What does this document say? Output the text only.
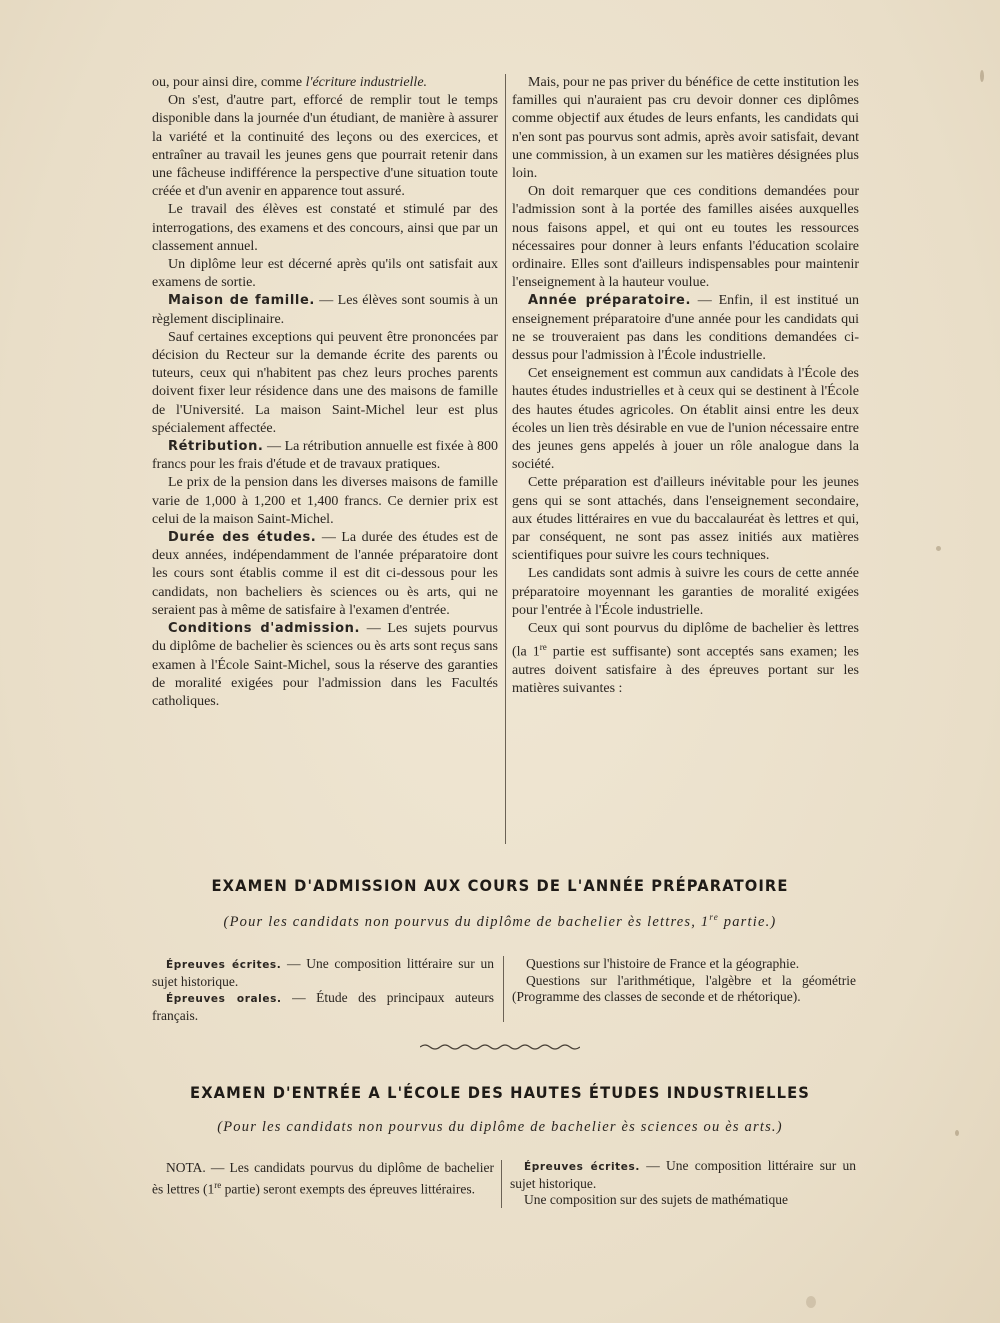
ou, pour ainsi dire, comme l'écriture industrielle.

On s'est, d'autre part, efforcé de remplir tout le temps disponible dans la journée d'un étudiant, de manière à assurer la variété et la continuité des leçons ou des exercices, et entraîner au travail les jeunes gens que pourrait retenir dans une fâcheuse indifférence la perspective d'une situation toute créée et d'un avenir en apparence tout assuré.

Le travail des élèves est constaté et stimulé par des interrogations, des examens et des concours, ainsi que par un classement annuel.

Un diplôme leur est décerné après qu'ils ont satisfait aux examens de sortie.

Maison de famille. — Les élèves sont soumis à un règlement disciplinaire.

Sauf certaines exceptions qui peuvent être prononcées par décision du Recteur sur la demande écrite des parents ou tuteurs, ceux qui n'habitent pas chez leurs proches parents doivent fixer leur résidence dans une des maisons de famille de l'Université. La maison Saint-Michel leur est plus spécialement affectée.

Rétribution. — La rétribution annuelle est fixée à 800 francs pour les frais d'étude et de travaux pratiques.

Le prix de la pension dans les diverses maisons de famille varie de 1,000 à 1,200 et 1,400 francs. Ce dernier prix est celui de la maison Saint-Michel.

Durée des études. — La durée des études est de deux années, indépendamment de l'année préparatoire dont les cours sont établis comme il est dit ci-dessous pour les candidats, non bacheliers ès sciences ou ès arts, qui ne seraient pas à même de satisfaire à l'examen d'entrée.

Conditions d'admission. — Les sujets pourvus du diplôme de bachelier ès sciences ou ès arts sont reçus sans examen à l'École Saint-Michel, sous la réserve des garanties de moralité exigées pour l'admission dans les Facultés catholiques.

Mais, pour ne pas priver du bénéfice de cette institution les familles qui n'auraient pas cru devoir donner ces diplômes comme objectif aux études de leurs enfants, les candidats qui n'en sont pas pourvus sont admis, après avoir satisfait, devant une commission, à un examen sur les matières désignées plus loin.

On doit remarquer que ces conditions demandées pour l'admission sont à la portée des familles aisées auxquelles nous faisons appel, et qui ont eu toutes les ressources nécessaires pour donner à leurs enfants l'éducation scolaire ordinaire. Elles sont d'ailleurs indispensables pour maintenir l'enseignement à la hauteur voulue.

Année préparatoire. — Enfin, il est institué un enseignement préparatoire d'une année pour les candidats qui ne se trouveraient pas dans les conditions demandées ci-dessus pour l'admission à l'École industrielle.

Cet enseignement est commun aux candidats à l'École des hautes études industrielles et à ceux qui se destinent à l'École des hautes études agricoles. On établit ainsi entre les deux écoles un lien très désirable en vue de l'union nécessaire entre des jeunes gens appelés à jouer un rôle analogue dans la société.

Cette préparation est d'ailleurs inévitable pour les jeunes gens qui se sont attachés, dans l'enseignement secondaire, aux études littéraires en vue du baccalauréat ès lettres et qui, par conséquent, ne sont pas assez initiés aux matières scientifiques pour suivre les cours techniques.

Les candidats sont admis à suivre les cours de cette année préparatoire moyennant les garanties de moralité exigées pour l'entrée à l'École industrielle.

Ceux qui sont pourvus du diplôme de bachelier ès lettres (la 1re partie est suffisante) sont acceptés sans examen; les autres doivent satisfaire à des épreuves portant sur les matières suivantes :

EXAMEN D'ADMISSION AUX COURS DE L'ANNÉE PRÉPARATOIRE
(Pour les candidats non pourvus du diplôme de bachelier ès lettres, 1re partie.)

Épreuves écrites. — Une composition littéraire sur un sujet historique.

Épreuves orales. — Étude des principaux auteurs français.

Questions sur l'histoire de France et la géographie.

Questions sur l'arithmétique, l'algèbre et la géométrie (Programme des classes de seconde et de rhétorique).

EXAMEN D'ENTRÉE A L'ÉCOLE DES HAUTES ÉTUDES INDUSTRIELLES
(Pour les candidats non pourvus du diplôme de bachelier ès sciences ou ès arts.)

NOTA. — Les candidats pourvus du diplôme de bachelier ès lettres (1re partie) seront exempts des épreuves littéraires.

Épreuves écrites. — Une composition littéraire sur un sujet historique.

Une composition sur des sujets de mathématique
